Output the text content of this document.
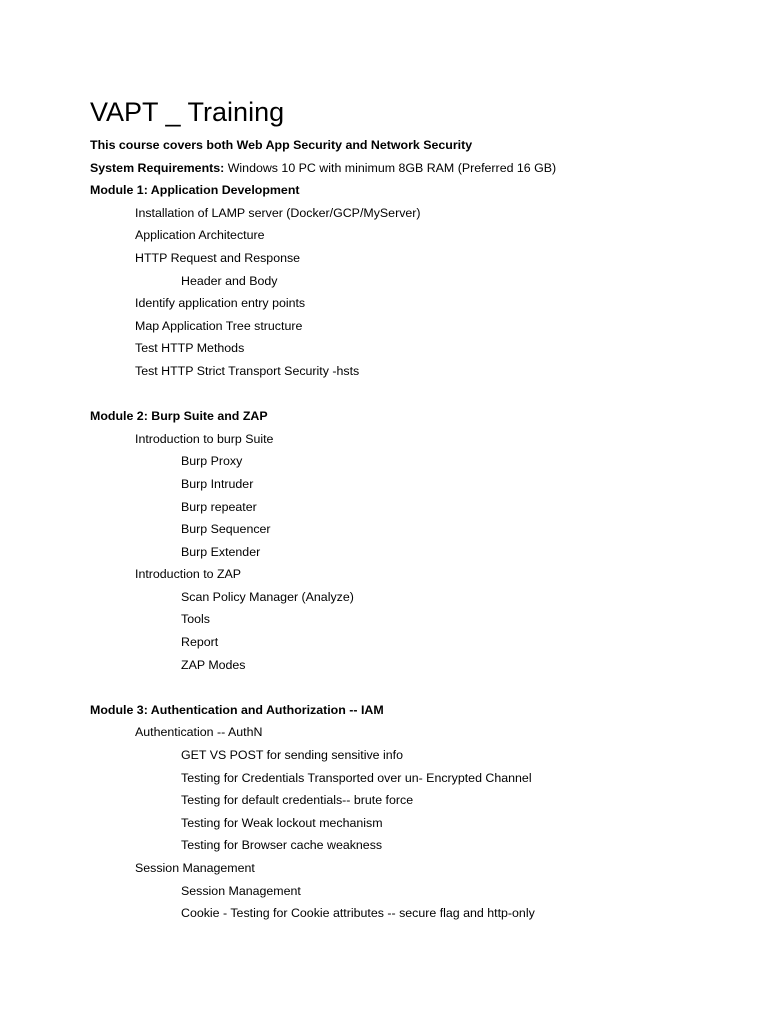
VAPT _ Training
This course covers both Web App Security and Network Security
System Requirements: Windows 10 PC with minimum 8GB RAM (Preferred 16 GB)
Module 1: Application Development
Installation of LAMP server (Docker/GCP/MyServer)
Application Architecture
HTTP Request and Response
Header and Body
Identify application entry points
Map Application Tree structure
Test HTTP Methods
Test HTTP Strict Transport Security -hsts
Module 2: Burp Suite and ZAP
Introduction to burp Suite
Burp Proxy
Burp Intruder
Burp repeater
Burp Sequencer
Burp Extender
Introduction to ZAP
Scan Policy Manager (Analyze)
Tools
Report
ZAP Modes
Module 3: Authentication and Authorization -- IAM
Authentication -- AuthN
GET VS POST for sending sensitive info
Testing for Credentials Transported over un- Encrypted Channel
Testing for default credentials-- brute force
Testing for Weak lockout mechanism
Testing for Browser cache weakness
Session Management
Session Management
Cookie - Testing for Cookie attributes -- secure flag and http-only
